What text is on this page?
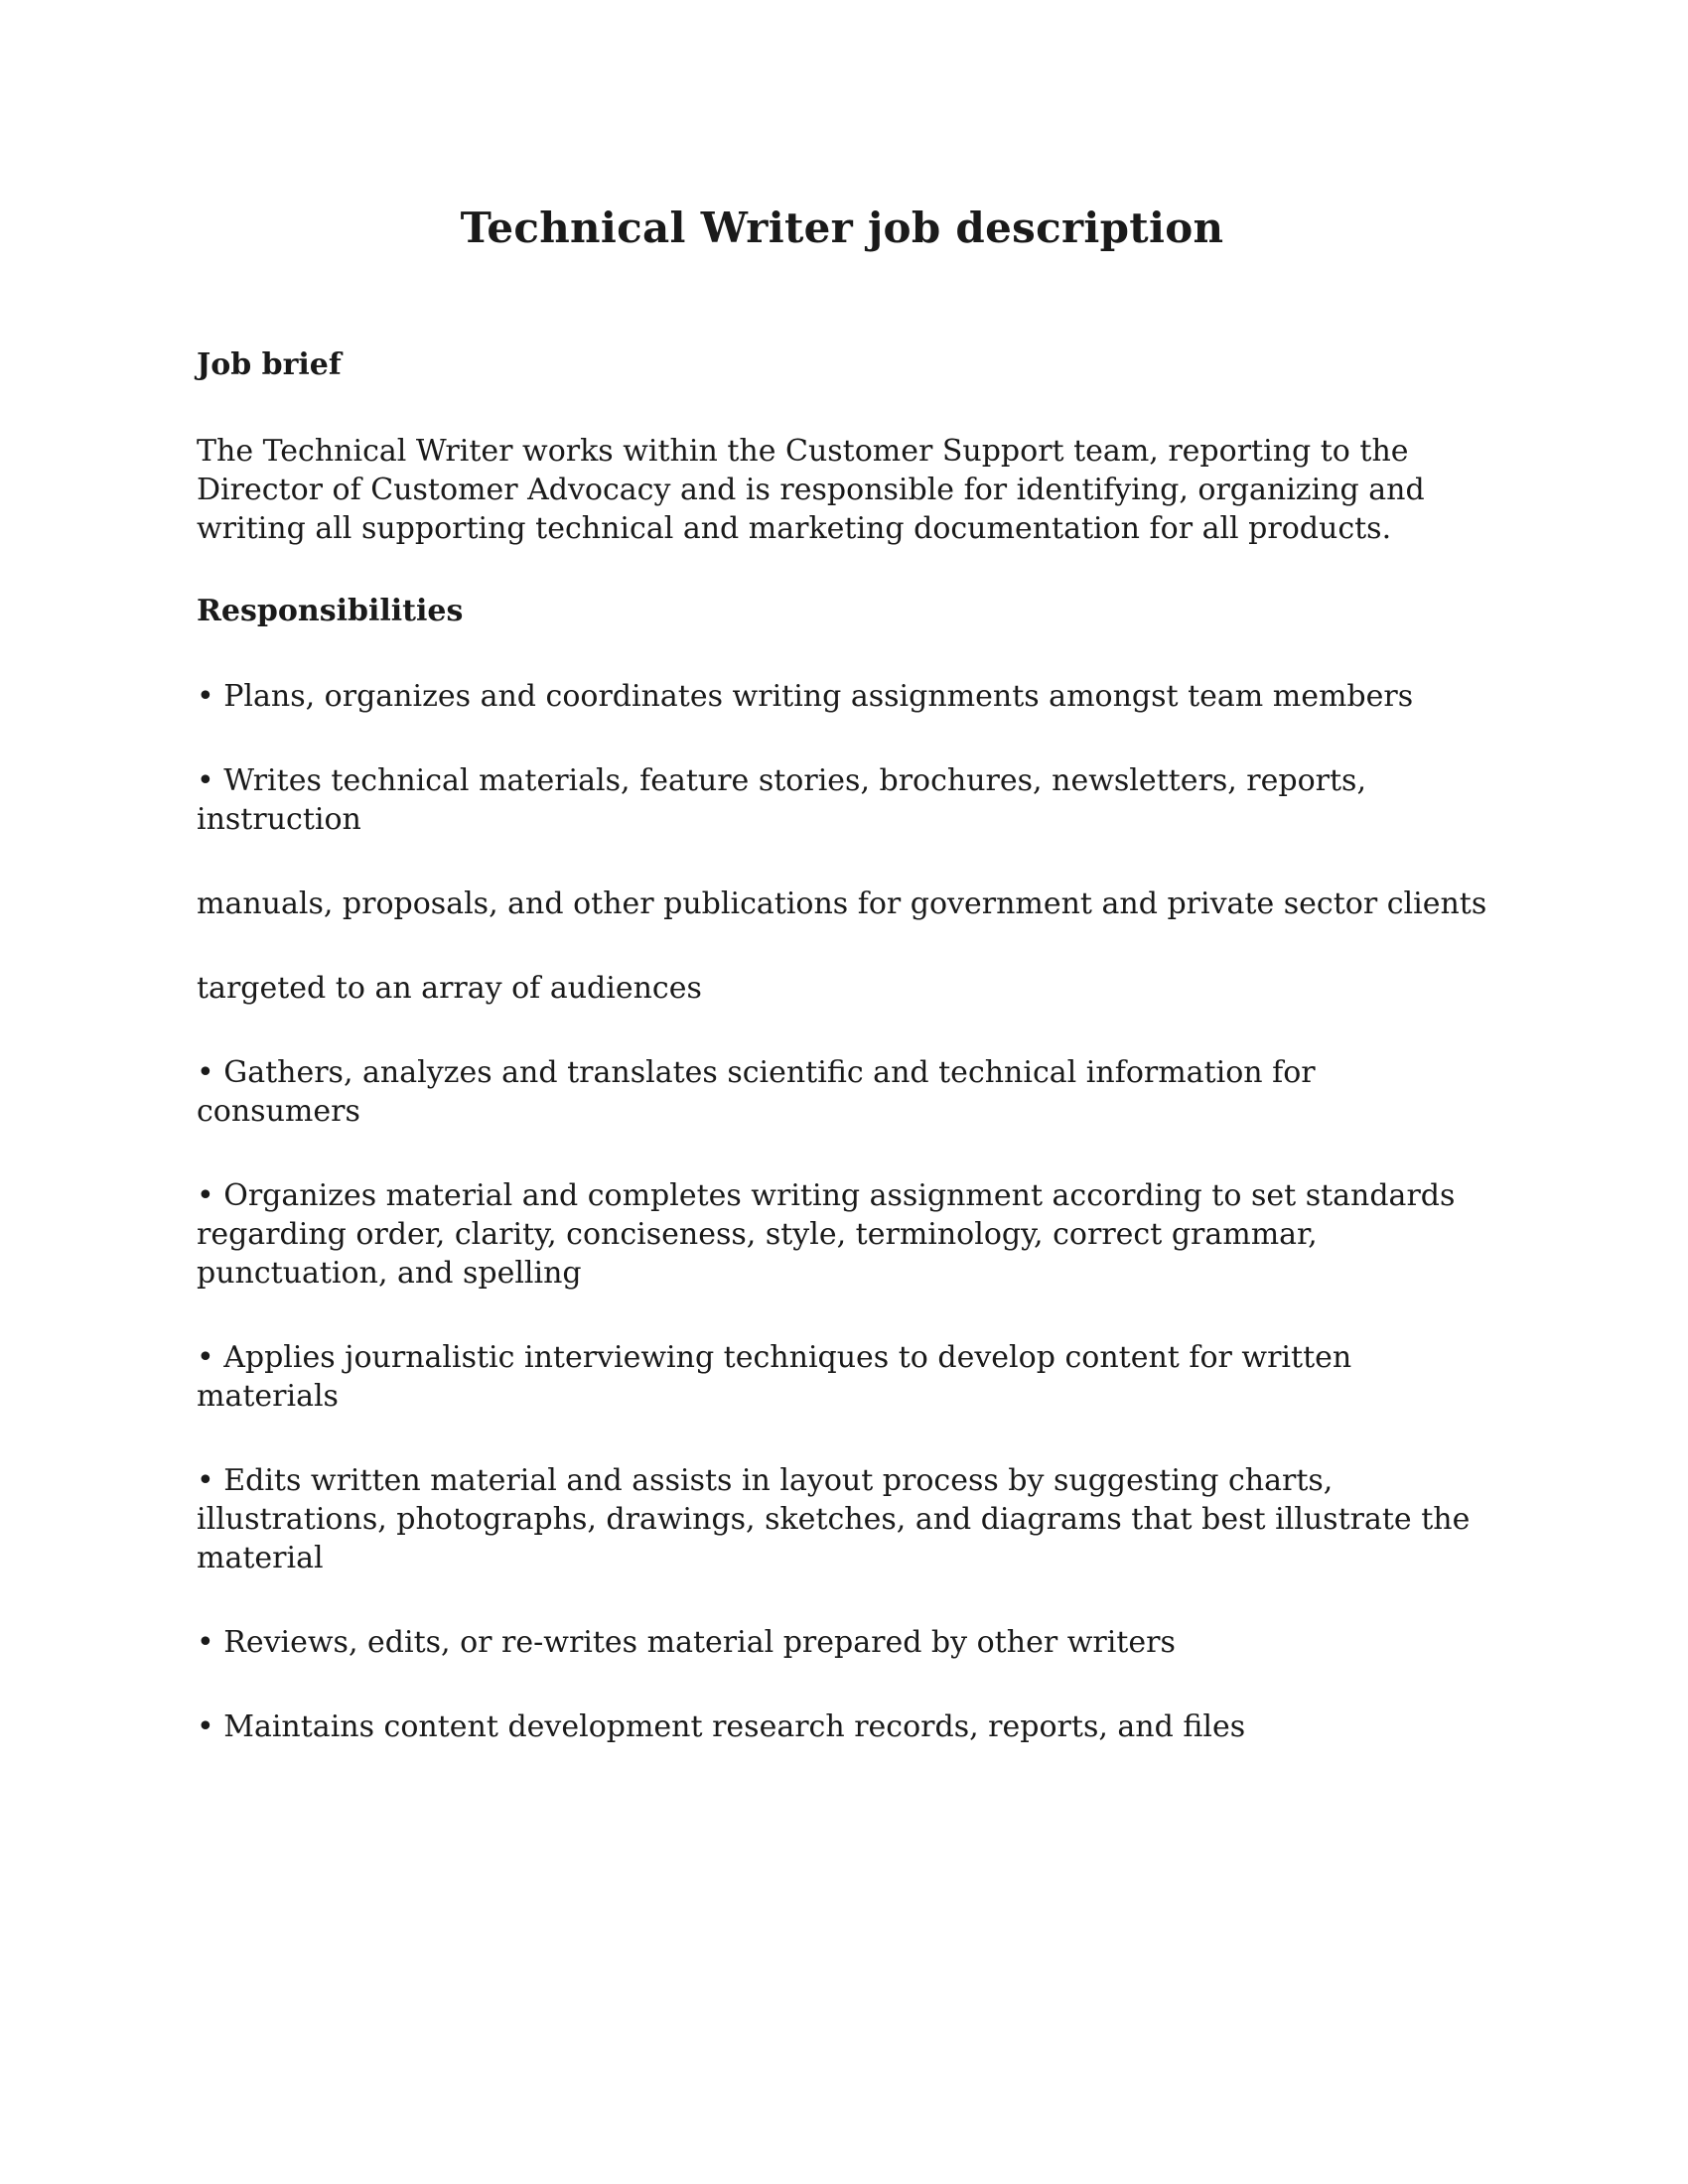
Technical Writer job description
Job brief

The Technical Writer works within the Customer Support team, reporting to the Director of Customer Advocacy and is responsible for identifying, organizing and writing all supporting technical and marketing documentation for all products.

Responsibilities
• Plans, organizes and coordinates writing assignments amongst team members
• Writes technical materials, feature stories, brochures, newsletters, reports, instruction
manuals, proposals, and other publications for government and private sector clients
targeted to an array of audiences
• Gathers, analyzes and translates scientific and technical information for consumers
• Organizes material and completes writing assignment according to set standards regarding order, clarity, conciseness, style, terminology, correct grammar, punctuation, and spelling
• Applies journalistic interviewing techniques to develop content for written materials
• Edits written material and assists in layout process by suggesting charts, illustrations, photographs, drawings, sketches, and diagrams that best illustrate the material
• Reviews, edits, or re-writes material prepared by other writers
• Maintains content development research records, reports, and files
